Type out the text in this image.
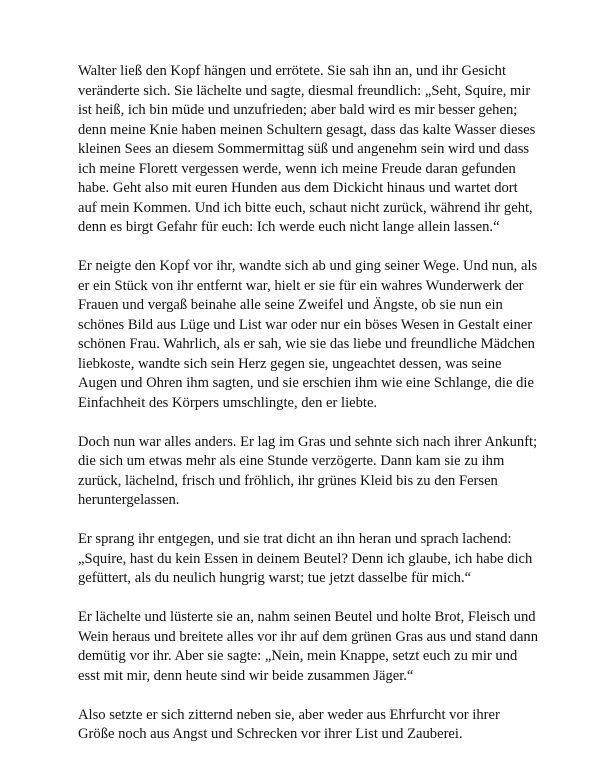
Walter ließ den Kopf hängen und errötete. Sie sah ihn an, und ihr Gesicht veränderte sich. Sie lächelte und sagte, diesmal freundlich: „Seht, Squire, mir ist heiß, ich bin müde und unzufrieden; aber bald wird es mir besser gehen; denn meine Knie haben meinen Schultern gesagt, dass das kalte Wasser dieses kleinen Sees an diesem Sommermittag süß und angenehm sein wird und dass ich meine Florett vergessen werde, wenn ich meine Freude daran gefunden habe. Geht also mit euren Hunden aus dem Dickicht hinaus und wartet dort auf mein Kommen. Und ich bitte euch, schaut nicht zurück, während ihr geht, denn es birgt Gefahr für euch: Ich werde euch nicht lange allein lassen.“

Er neigte den Kopf vor ihr, wandte sich ab und ging seiner Wege. Und nun, als er ein Stück von ihr entfernt war, hielt er sie für ein wahres Wunderwerk der Frauen und vergaß beinahe alle seine Zweifel und Ängste, ob sie nun ein schönes Bild aus Lüge und List war oder nur ein böses Wesen in Gestalt einer schönen Frau. Wahrlich, als er sah, wie sie das liebe und freundliche Mädchen liebkoste, wandte sich sein Herz gegen sie, ungeachtet dessen, was seine Augen und Ohren ihm sagten, und sie erschien ihm wie eine Schlange, die die Einfachheit des Körpers umschlingte, den er liebte.

Doch nun war alles anders. Er lag im Gras und sehnte sich nach ihrer Ankunft; die sich um etwas mehr als eine Stunde verzögerte. Dann kam sie zu ihm zurück, lächelnd, frisch und fröhlich, ihr grünes Kleid bis zu den Fersen heruntergelassen.

Er sprang ihr entgegen, und sie trat dicht an ihn heran und sprach lachend: „Squire, hast du kein Essen in deinem Beutel? Denn ich glaube, ich habe dich gefüttert, als du neulich hungrig warst; tue jetzt dasselbe für mich.“

Er lächelte und lüsterte sie an, nahm seinen Beutel und holte Brot, Fleisch und Wein heraus und breitete alles vor ihr auf dem grünen Gras aus und stand dann demütig vor ihr. Aber sie sagte: „Nein, mein Knappe, setzt euch zu mir und esst mit mir, denn heute sind wir beide zusammen Jäger.“

Also setzte er sich zitternd neben sie, aber weder aus Ehrfurcht vor ihrer Größe noch aus Angst und Schrecken vor ihrer List und Zauberei.
